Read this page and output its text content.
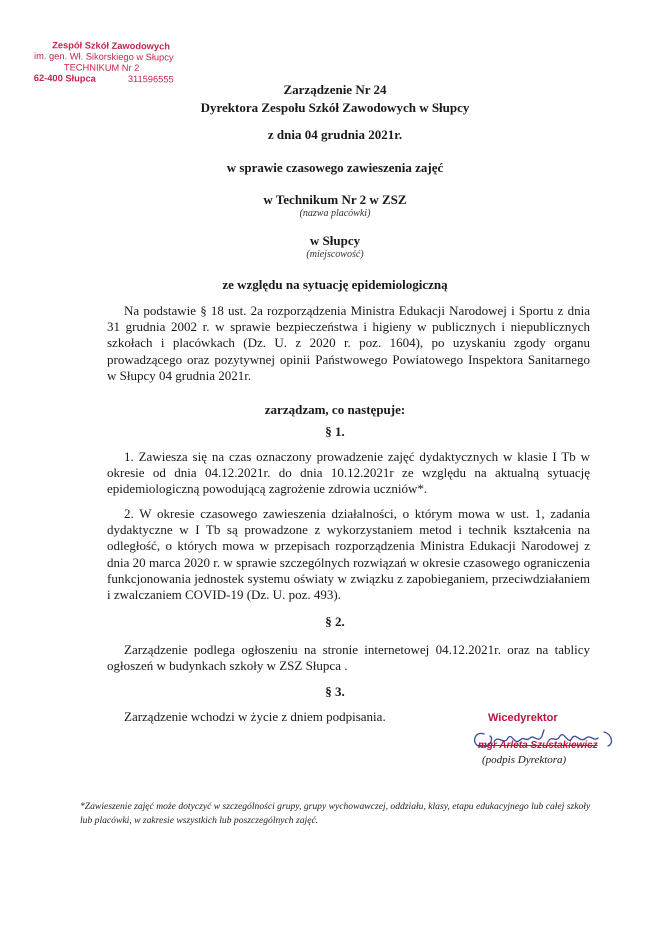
Zespół Szkół Zawodowych
im. gen. Wł. Sikorskiego w Słupcy
TECHNIKUM Nr 2
62-400 Słupca	311596555
Zarządzenie Nr 24
Dyrektora Zespołu Szkół Zawodowych w Słupcy
z dnia 04 grudnia 2021r.
w sprawie czasowego zawieszenia zajęć
w Technikum Nr 2 w ZSZ
(nazwa placówki)
w Słupcy
(miejscowość)
ze względu na sytuację epidemiologiczną
Na podstawie § 18 ust. 2a rozporządzenia Ministra Edukacji Narodowej i Sportu z dnia 31 grudnia 2002 r. w sprawie bezpieczeństwa i higieny w publicznych i niepublicznych szkołach i placówkach (Dz. U. z 2020 r. poz. 1604), po uzyskaniu zgody organu prowadzącego oraz pozytywnej opinii Państwowego Powiatowego Inspektora Sanitarnego w Słupcy 04 grudnia 2021r.
zarządzam, co następuje:
§ 1.
1. Zawiesza się na czas oznaczony prowadzenie zajęć dydaktycznych w klasie I Tb w okresie od dnia 04.12.2021r. do dnia 10.12.2021r ze względu na aktualną sytuację epidemiologiczną powodującą zagrożenie zdrowia uczniów*.
2. W okresie czasowego zawieszenia działalności, o którym mowa w ust. 1, zadania dydaktyczne w I Tb są prowadzone z wykorzystaniem metod i technik kształcenia na odległość, o których mowa w przepisach rozporządzenia Ministra Edukacji Narodowej z dnia 20 marca 2020 r. w sprawie szczególnych rozwiązań w okresie czasowego ograniczenia funkcjonowania jednostek systemu oświaty w związku z zapobieganiem, przeciwdziałaniem i zwalczaniem COVID-19 (Dz. U. poz. 493).
§ 2.
Zarządzenie podlega ogłoszeniu na stronie internetowej 04.12.2021r. oraz na tablicy ogłoszeń w budynkach szkoły w ZSZ Słupca .
§ 3.
Zarządzenie wchodzi w życie z dniem podpisania.	Wicedyrektor
mgr Arleta Szustakiewicz
(podpis Dyrektora)
*Zawieszenie zajęć może dotyczyć w szczególności grupy, grupy wychowawczej, oddziału, klasy, etapu edukacyjnego lub całej szkoły lub placówki, w zakresie wszystkich lub poszczególnych zajęć.
